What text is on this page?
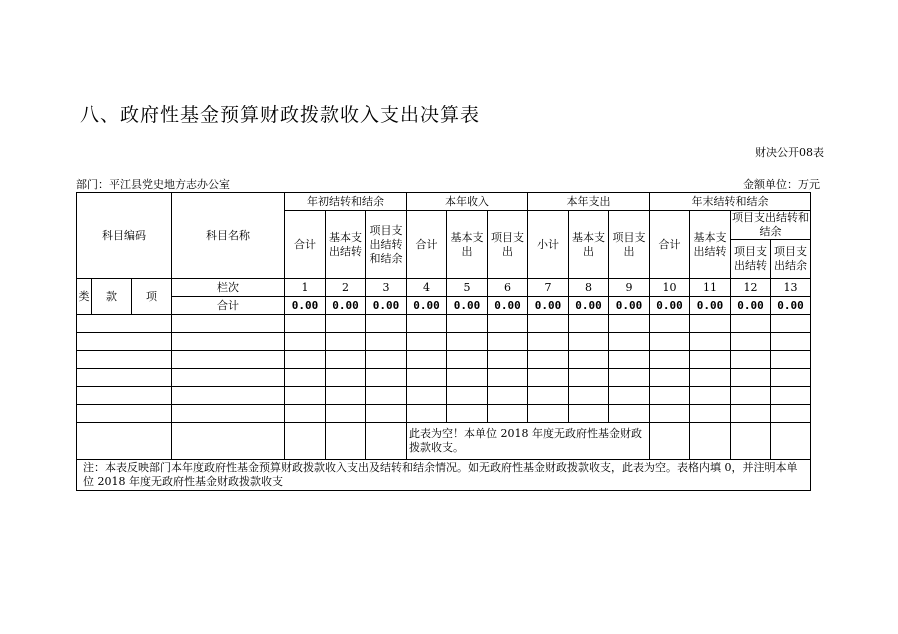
八、政府性基金预算财政拨款收入支出决算表
财决公开08表
部门：平江县党史地方志办公室	金额单位：万元
科目编码			科目名称	年初结转和结余			本年收入			本年支出			年末结转和结余			
				合计	基本支出结转	项目支出结转和结余	合计	基本支出	项目支出	小计	基本支出	项目支出	合计	基本支出结转	项目支出结转和结余	
															项目支出结转	项目支出结余
类	款	项	栏次	1	2	3	4	5	6	7	8	9	10	11	12	13
			合计	0.00	0.00	0.00	0.00	0.00	0.00	0.00	0.00	0.00	0.00	0.00	0.00	0.00

							此表为空！本单位 2018 年度无政府性基金财政拨款收支。									
注：本表反映部门本年度政府性基金预算财政拨款收入支出及结转和结余情况。如无政府性基金财政拨款收支，此表为空。表格内填 0，并注明本单位 2018 年度无政府性基金财政拨款收支																
